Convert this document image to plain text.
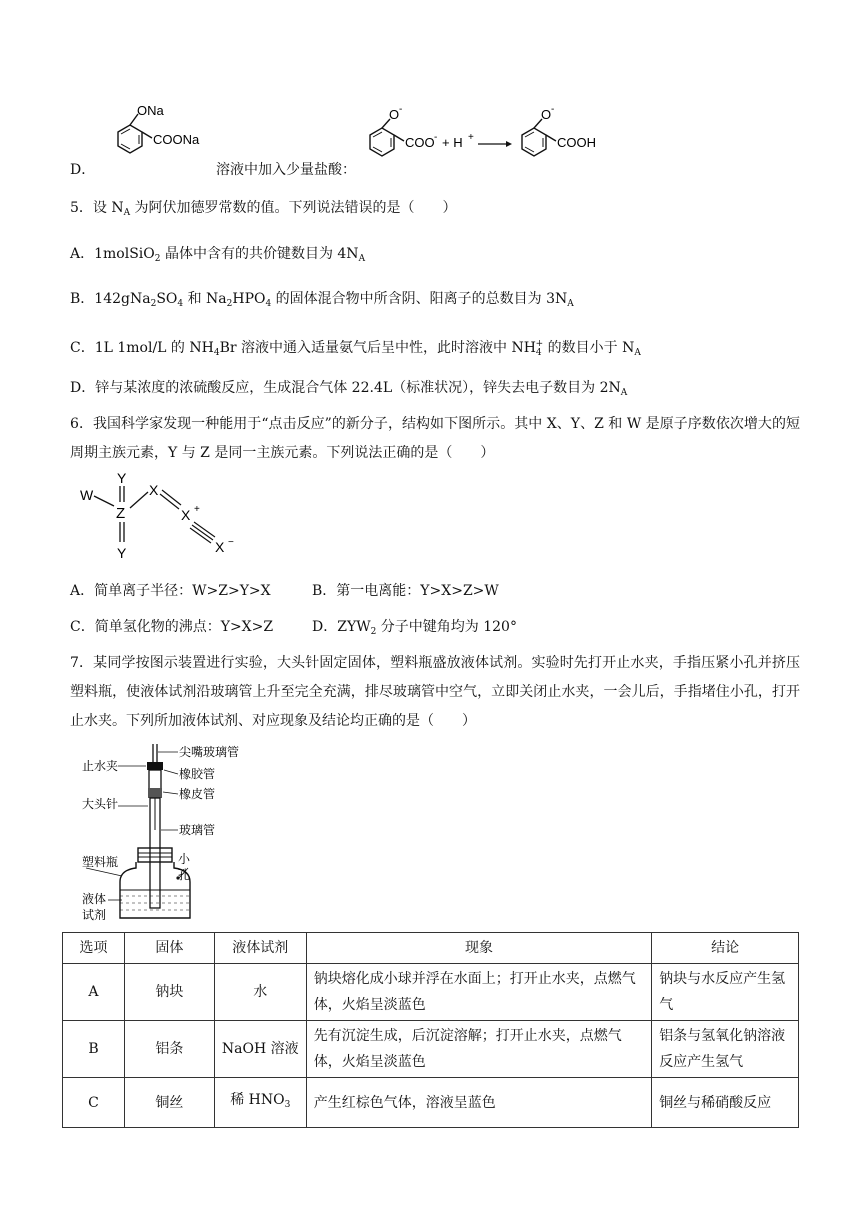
D．
ONa
COONa
溶液中加入少量盐酸：
O -
COO - + H +
O -
COOH
5．设 $N_A$ 为阿伏加德罗常数的值。下列说法错误的是（　　）
A．1molSiO$_2$ 晶体中含有的共价键数目为 $4N_A$
B．$142gNa_2SO_4$ 和 $Na_2HPO_4$ 的固体混合物中所含阴、阳离子的总数目为 $3N_A$
C．1L 1mol/L 的 $NH_4Br$ 溶液中通入适量氨气后呈中性，此时溶液中 $NH_4^+$ 的数目小于 $N_A$
D．锌与某浓度的浓硫酸反应，生成混合气体 22.4L（标准状况），锌失去电子数目为 $2N_A$
6．我国科学家发现一种能用于“点击反应”的新分子，结构如下图所示。其中 X、Y、Z 和 W 是原子序数依次增大的短周期主族元素，Y 与 Z 是同一主族元素。下列说法正确的是（　　）
W
Y
Z
Y
X
X +
X −
A．简单离子半径：W>Z>Y>X	B．第一电离能：Y>X>Z>W
C．简单氢化物的沸点：Y>X>Z	D．$ZYW_2$ 分子中键角均为 120°
7．某同学按图示装置进行实验，大头针固定固体，塑料瓶盛放液体试剂。实验时先打开止水夹，手指压紧小孔并挤压塑料瓶，使液体试剂沿玻璃管上升至完全充满，排尽玻璃管中空气，立即关闭止水夹，一会儿后，手指堵住小孔，打开止水夹。下列所加液体试剂、对应现象及结论均正确的是（　　）
尖嘴玻璃管
止水夹
橡胶管
橡皮管
大头针
玻璃管
塑料瓶	小
孔
液体
试剂
选项	固体	液体试剂	现象	结论
A	钠块	水	钠块熔化成小球并浮在水面上；打开止水夹，点燃气体，火焰呈淡蓝色	钠块与水反应产生氢气
B	铝条	NaOH 溶液	先有沉淀生成，后沉淀溶解；打开止水夹，点燃气体，火焰呈淡蓝色	铝条与氢氧化钠溶液反应产生氢气
C	铜丝	稀 $HNO_3$	产生红棕色气体，溶液呈蓝色	铜丝与稀硝酸反应
